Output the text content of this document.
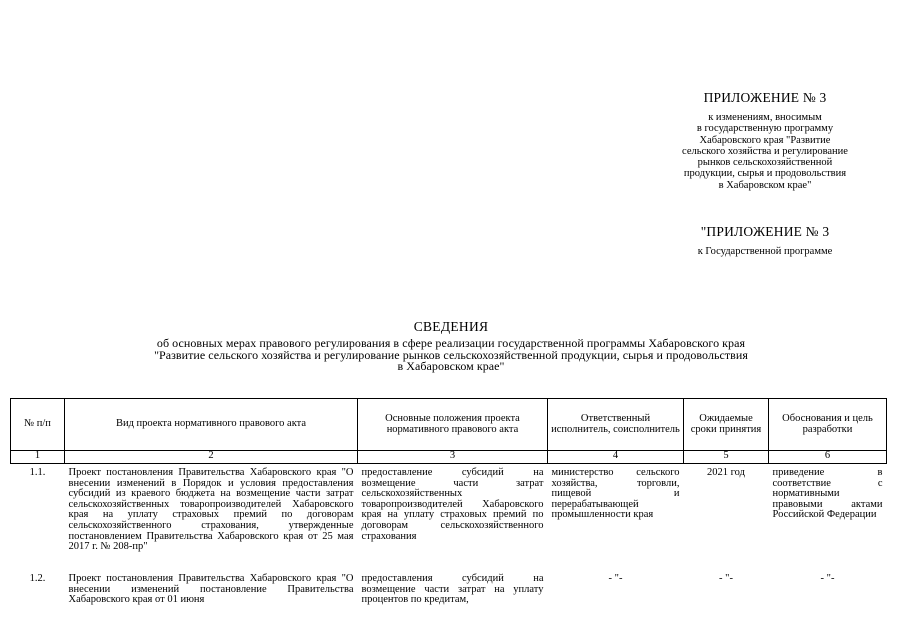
ПРИЛОЖЕНИЕ № 3
к изменениям, вносимым
в государственную программу
Хабаровского края "Развитие
сельского хозяйства и регулирование
рынков сельскохозяйственной
продукции, сырья и продовольствия
в Хабаровском крае"
"ПРИЛОЖЕНИЕ № 3
к Государственной программе
СВЕДЕНИЯ
об основных мерах правового регулирования в сфере реализации государственной программы Хабаровского края
"Развитие сельского хозяйства и регулирование рынков сельскохозяйственной продукции, сырья и продовольствия
в Хабаровском крае"
№ п/п	Вид проекта нормативного правового акта	Основные положения проекта нормативного правового акта	Ответственный исполнитель, соисполнитель	Ожидаемые сроки принятия	Обоснования и цель разработки
1	2	3	4	5	6

1.1.	Проект постановления Правительства Хабаровского края "О внесении изменений в Порядок и условия предоставления субсидий из краевого бюджета на возмещение части затрат сельскохозяйственных товаропроизводителей Хабаровского края на уплату страховых премий по договорам сельскохозяйственного страхования, утвержденные постановлением Правительства Хабаровского края от 25 мая 2017 г. № 208-пр"	предоставление субсидий на возмещение части затрат сельскохозяйственных товаропроизводителей Хабаровского края на уплату страховых премий по договорам сельскохозяйственного страхования	министерство сельского хозяйства, торговли, пищевой и перерабатывающей промышленности края	2021 год	приведение в соответствие с нормативными правовыми актами Российской Федерации
1.2.	Проект постановления Правительства Хабаровского края "О внесении изменений постановление Правительства Хабаровского края от 01 июня	предоставления субсидий на возмещение части затрат на уплату процентов по кредитам,	- "-	- "-	- "-
